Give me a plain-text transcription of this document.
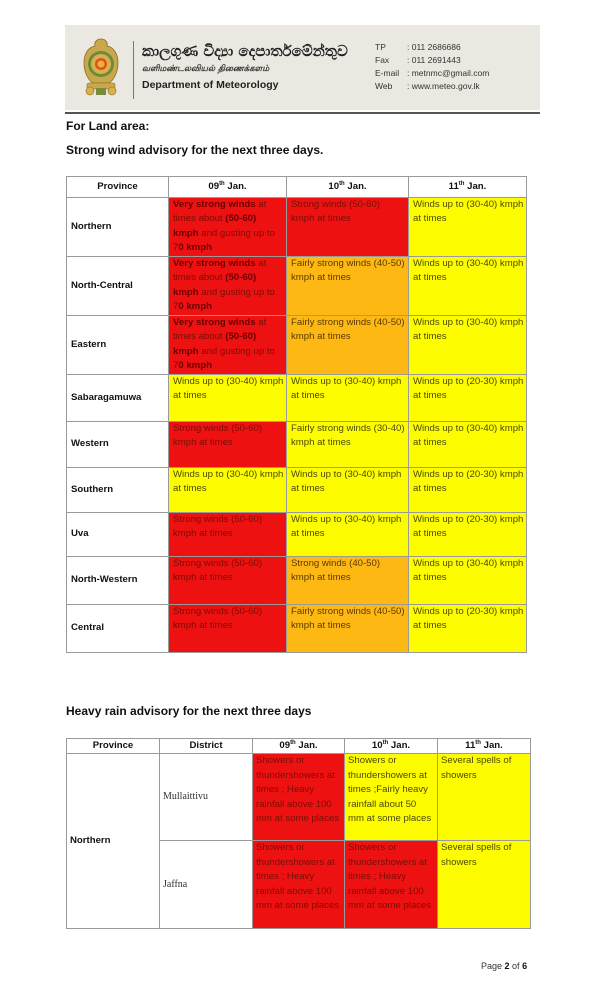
කාලගුණ විද්‍යා දෙපාර්තමේන්තුව
வளிமண்டலவியல் திணைக்களம்
Department of Meteorology
TP	: 011 2686686
Fax	: 011 2691443
E-mail : metnmc@gmail.com
Web	: www.meteo.gov.lk
For Land area:
Strong wind advisory for the next three days.
Province	09th Jan.	10th Jan.	11th Jan.
Northern	Very strong winds at times about (50-60) kmph and gusting up to 70 kmph	Strong winds (50-60) kmph at times	Winds up to (30-40) kmph at times
North-Central	Very strong winds at times about (50-60) kmph and gusting up to 70 kmph	Fairly strong winds (40-50) kmph at times	Winds up to (30-40) kmph at times
Eastern	Very strong winds at times about (50-60) kmph and gusting up to 70 kmph	Fairly strong winds (40-50) kmph at times	Winds up to (30-40) kmph at times
Sabaragamuwa	Winds up to (30-40) kmph at times	Winds up to (30-40) kmph at times	Winds up to (20-30) kmph at times
Western	Strong winds (50-60) kmph at times	Fairly strong winds (30-40) kmph at times	Winds up to (30-40) kmph at times
Southern	Winds up to (30-40) kmph at times	Winds up to (30-40) kmph at times	Winds up to (20-30) kmph at times
Uva	Strong winds (50-60) kmph at times	Winds up to (30-40) kmph at times	Winds up to (20-30) kmph at times
North-Western	Strong winds (50-60) kmph at times	Strong winds (40-50) kmph at times	Winds up to (30-40) kmph at times
Central	Strong winds (50-60) kmph at times	Fairly strong winds (40-50) kmph at times	Winds up to (20-30) kmph at times
Heavy rain advisory for the next three days
Province	District	09th Jan.	10th Jan.	11th Jan.
Northern	Mullaittivu	Showers or thundershowers at times ; Heavy rainfall above 100 mm at some places	Showers or thundershowers at times ;Fairly heavy rainfall about 50 mm at some places	Several spells of showers
	Jaffna	Showers or thundershowers at times ; Heavy rainfall above 100 mm at some places	Showers or thundershowers at times ; Heavy rainfall above 100 mm at some places	Several spells of showers
Page 2 of 6
